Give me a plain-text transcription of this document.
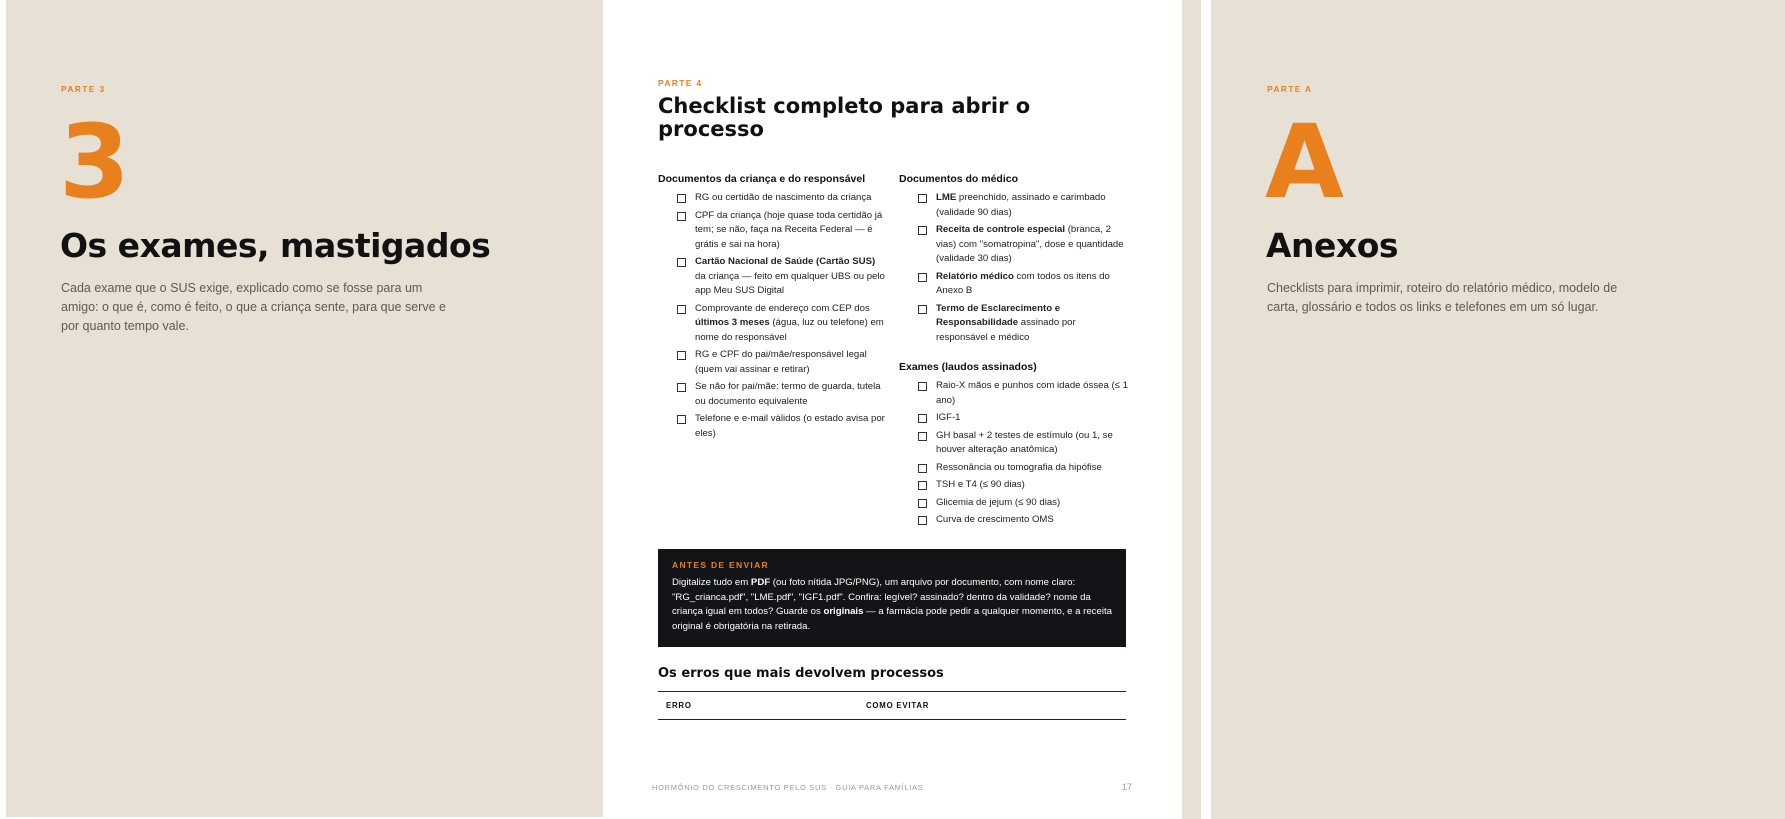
PARTE 3
3
Os exames, mastigados
Cada exame que o SUS exige, explicado como se fosse para um amigo: o que é, como é feito, o que a criança sente, para que serve e por quanto tempo vale.
PARTE 4
Checklist completo para abrir o processo
Documentos da criança e do responsável
RG ou certidão de nascimento da criança
CPF da criança (hoje quase toda certidão já tem; se não, faça na Receita Federal — é grátis e sai na hora)
Cartão Nacional de Saúde (Cartão SUS) da criança — feito em qualquer UBS ou pelo app Meu SUS Digital
Comprovante de endereço com CEP dos últimos 3 meses (água, luz ou telefone) em nome do responsável
RG e CPF do pai/mãe/responsável legal (quem vai assinar e retirar)
Se não for pai/mãe: termo de guarda, tutela ou documento equivalente
Telefone e e-mail válidos (o estado avisa por eles)
Documentos do médico
LME preenchido, assinado e carimbado (validade 90 dias)
Receita de controle especial (branca, 2 vias) com "somatropina", dose e quantidade (validade 30 dias)
Relatório médico com todos os itens do Anexo B
Termo de Esclarecimento e Responsabilidade assinado por responsável e médico
Exames (laudos assinados)
Raio-X mãos e punhos com idade óssea (≤ 1 ano)
IGF-1
GH basal + 2 testes de estímulo (ou 1, se houver alteração anatômica)
Ressonância ou tomografia da hipófise
TSH e T4 (≤ 90 dias)
Glicemia de jejum (≤ 90 dias)
Curva de crescimento OMS
ANTES DE ENVIAR
Digitalize tudo em PDF (ou foto nítida JPG/PNG), um arquivo por documento, com nome claro: "RG_crianca.pdf", "LME.pdf", "IGF1.pdf". Confira: legível? assinado? dentro da validade? nome da criança igual em todos? Guarde os originais — a farmácia pode pedir a qualquer momento, e a receita original é obrigatória na retirada.
Os erros que mais devolvem processos
ERRO	COMO EVITAR
HORMÔNIO DO CRESCIMENTO PELO SUS · GUIA PARA FAMÍLIAS	17
PARTE A
A
Anexos
Checklists para imprimir, roteiro do relatório médico, modelo de carta, glossário e todos os links e telefones em um só lugar.
